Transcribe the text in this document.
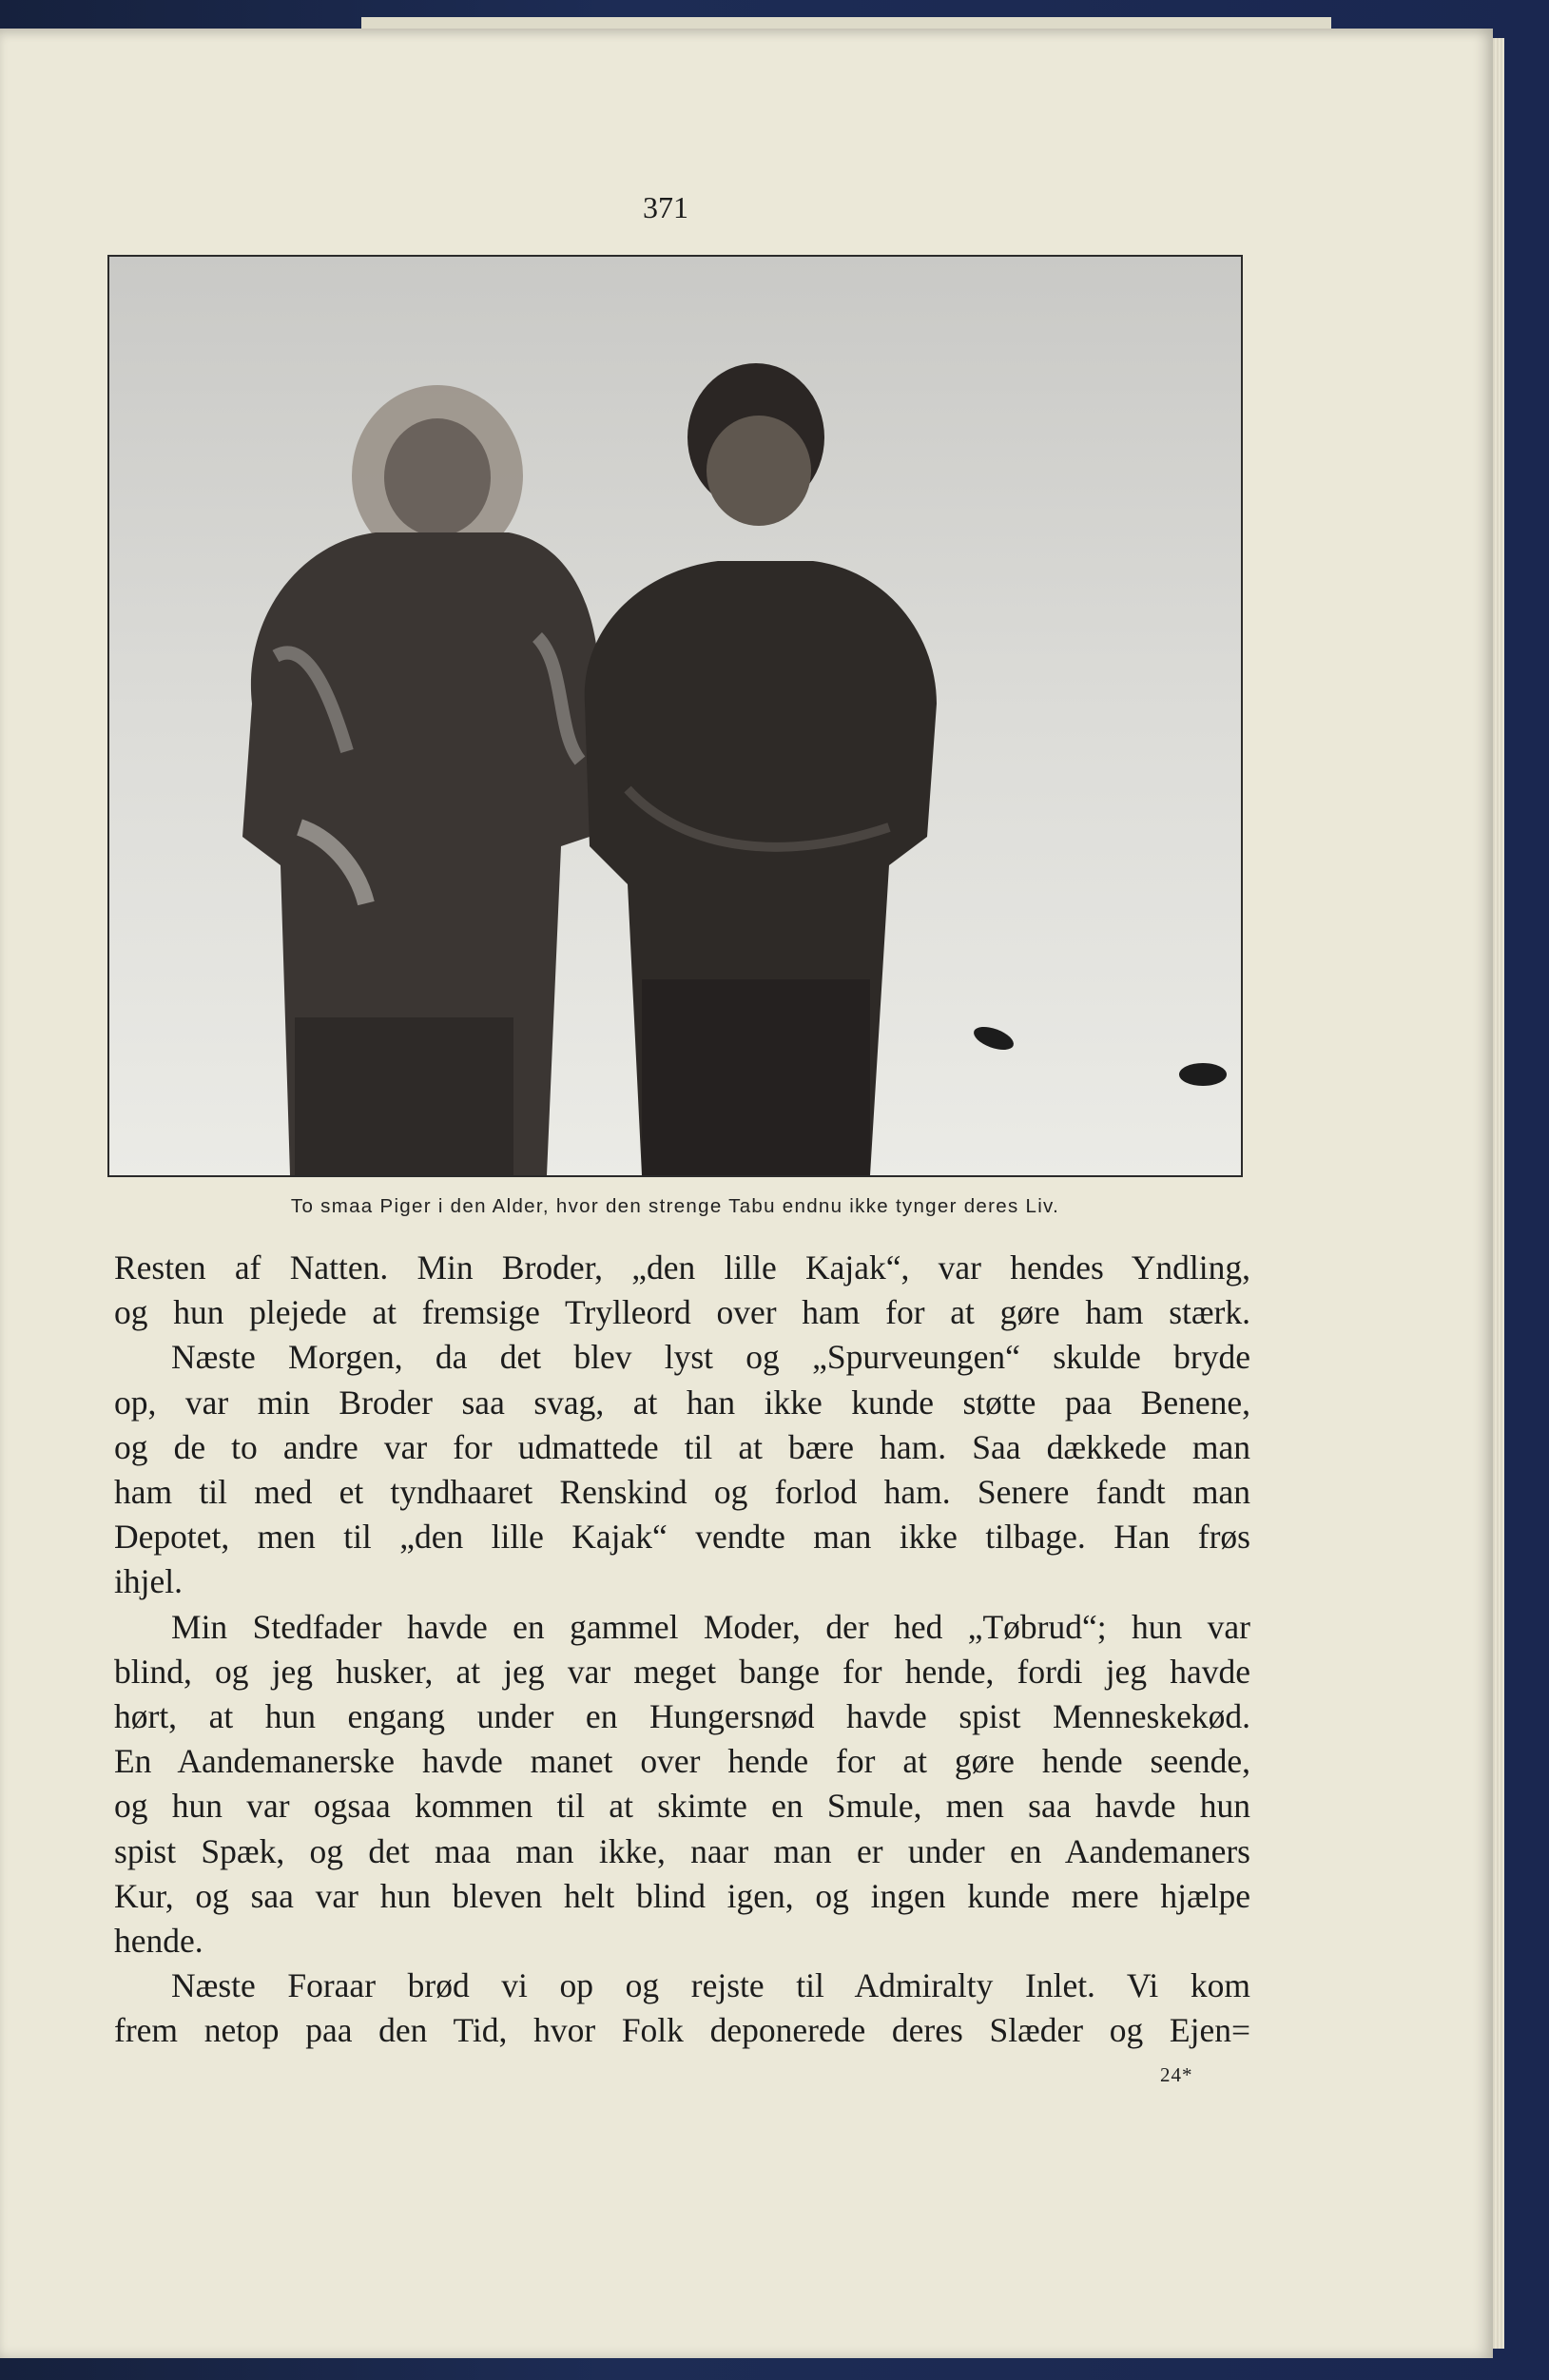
371
To smaa Piger i den Alder, hvor den strenge Tabu endnu ikke tynger deres Liv.
Resten af Natten. Min Broder, „den lille Kajak“, var hendes Yndling,
og hun plejede at fremsige Trylleord over ham for at gøre ham stærk.
Næste Morgen, da det blev lyst og „Spurveungen“ skulde bryde
op, var min Broder saa svag, at han ikke kunde støtte paa Benene,
og de to andre var for udmattede til at bære ham. Saa dækkede man
ham til med et tyndhaaret Renskind og forlod ham. Senere fandt man
Depotet, men til „den lille Kajak“ vendte man ikke tilbage. Han frøs
ihjel.
Min Stedfader havde en gammel Moder, der hed „Tøbrud“; hun var
blind, og jeg husker, at jeg var meget bange for hende, fordi jeg havde
hørt, at hun engang under en Hungersnød havde spist Menneskekød.
En Aandemanerske havde manet over hende for at gøre hende seende,
og hun var ogsaa kommen til at skimte en Smule, men saa havde hun
spist Spæk, og det maa man ikke, naar man er under en Aandemaners
Kur, og saa var hun bleven helt blind igen, og ingen kunde mere hjælpe
hende.
Næste Foraar brød vi op og rejste til Admiralty Inlet. Vi kom
frem netop paa den Tid, hvor Folk deponerede deres Slæder og Ejen=
24*
